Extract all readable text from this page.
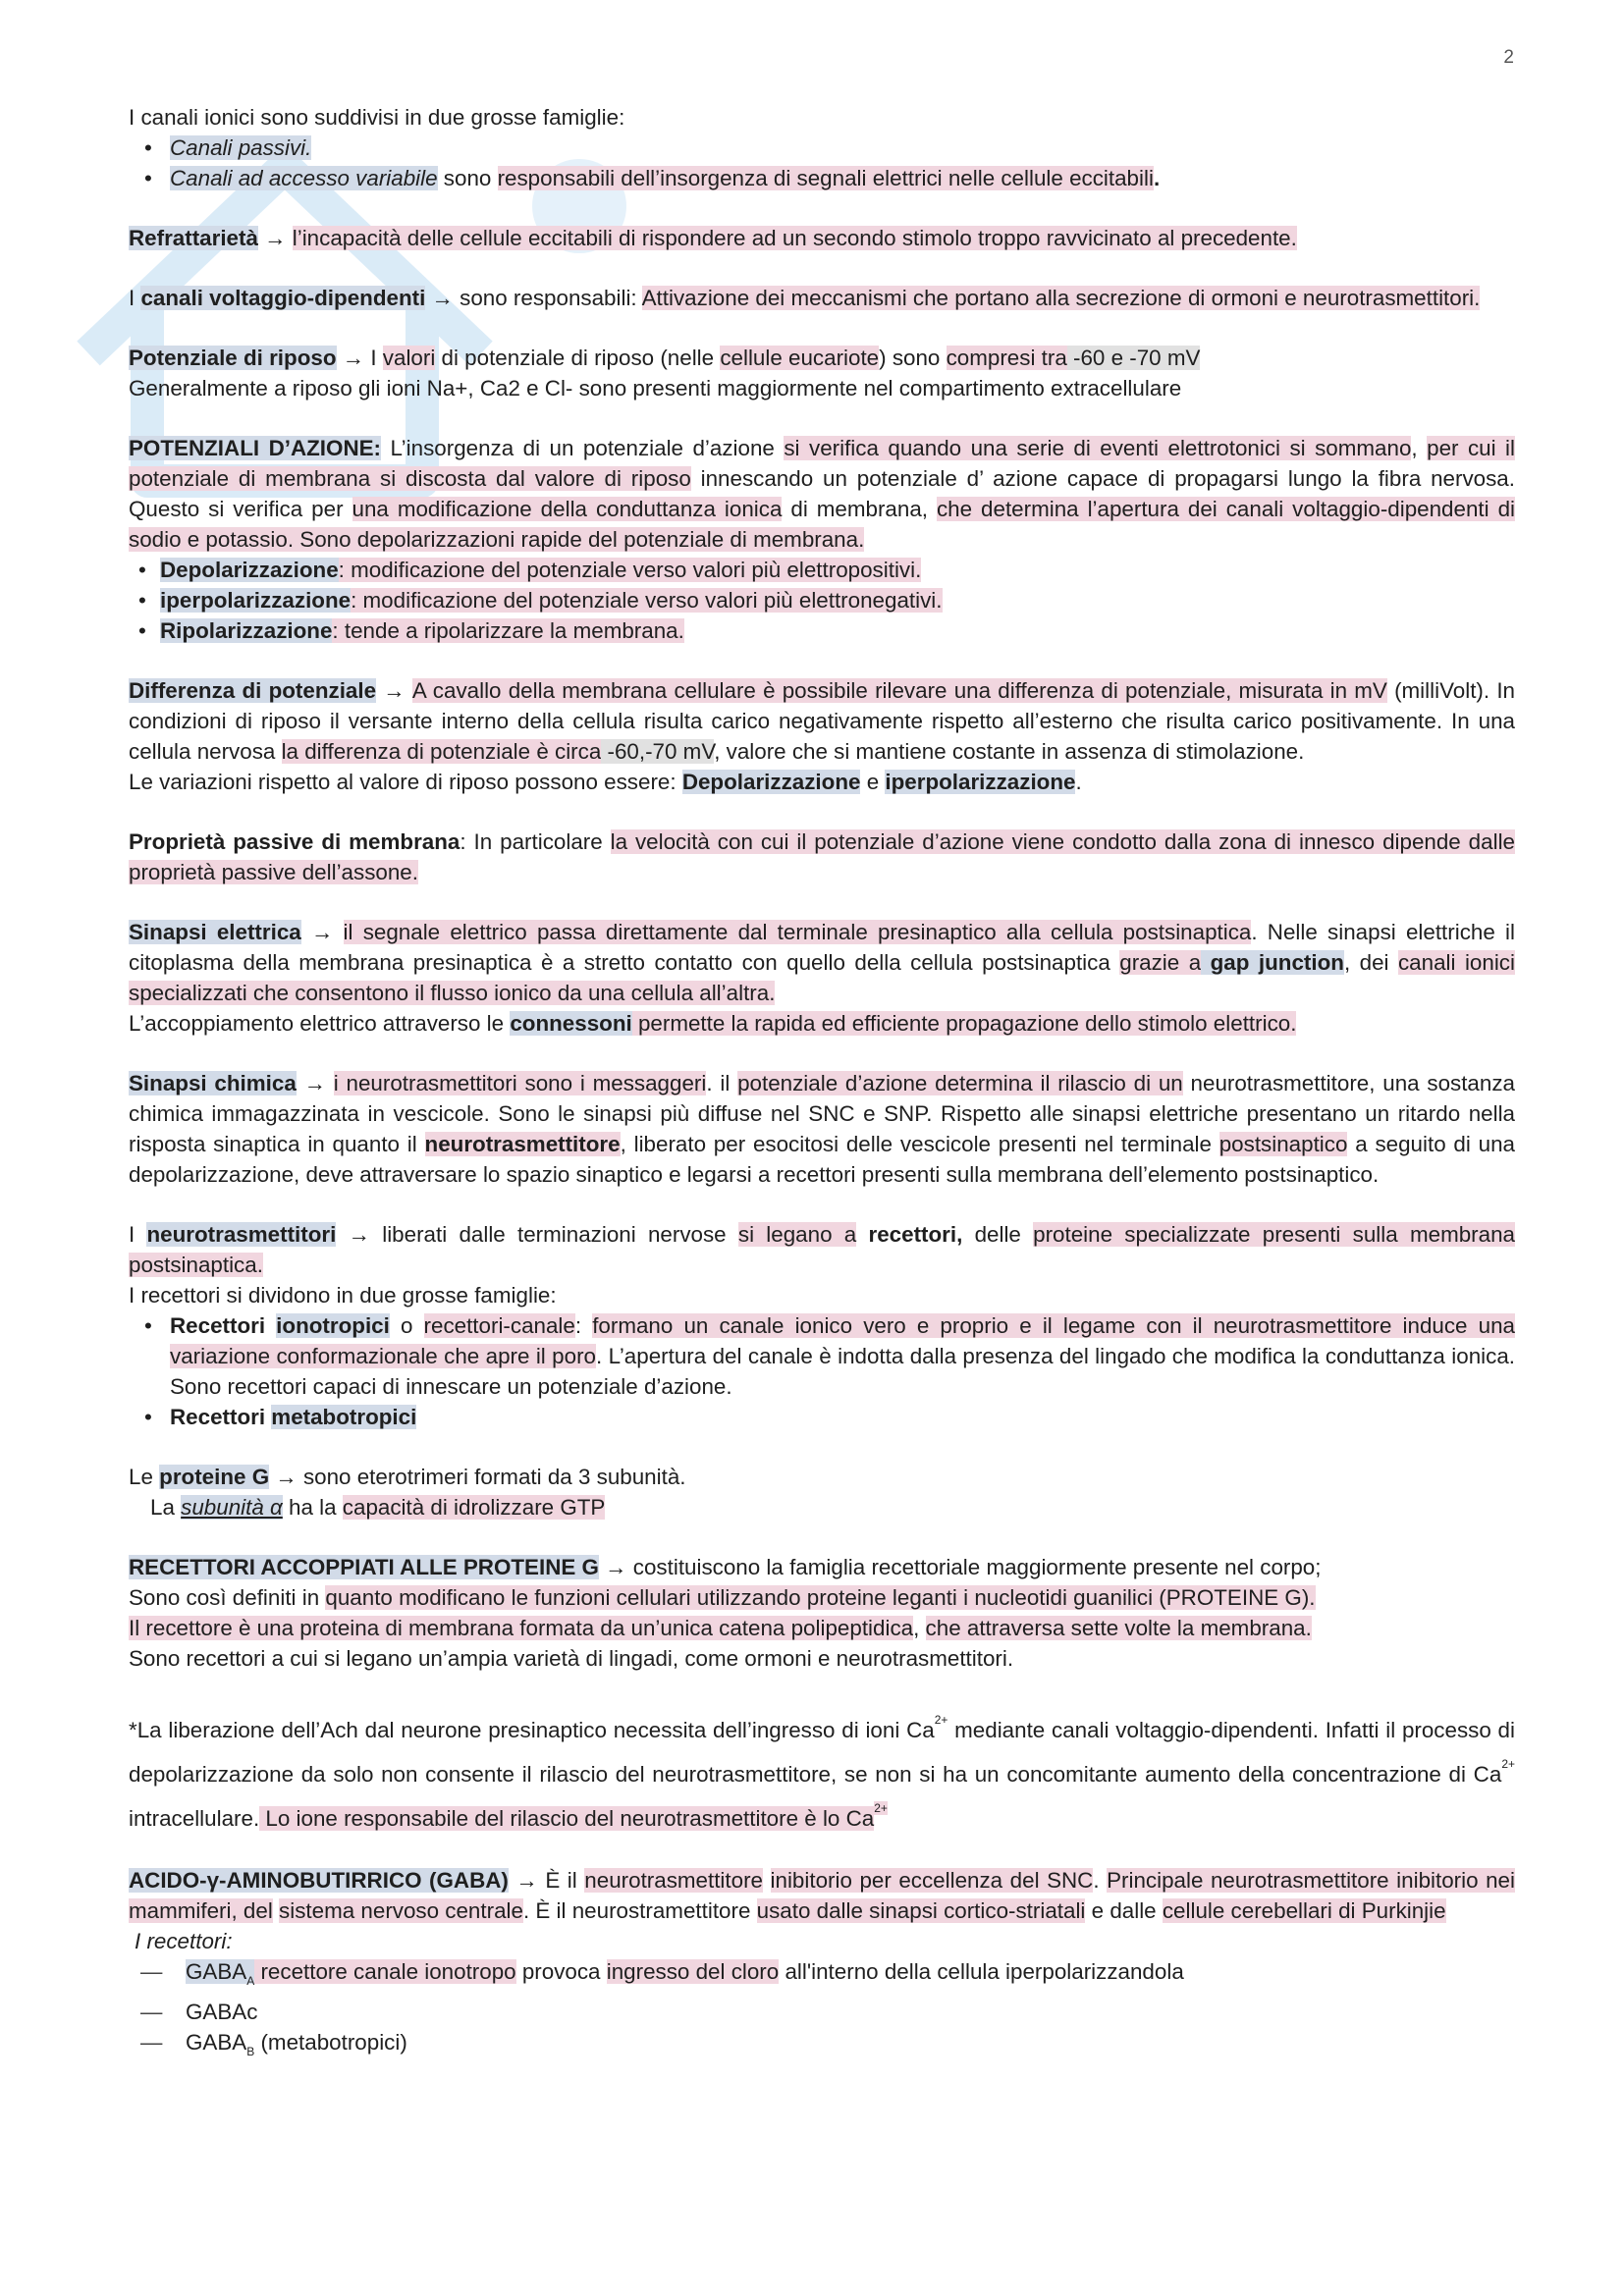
2

I canali ionici sono suddivisi in due grosse famiglie:

• Canali passivi.
• Canali ad accesso variabile sono responsabili dell’insorgenza di segnali elettrici nelle cellule eccitabili.

Refrattarietà → l’incapacità delle cellule eccitabili di rispondere ad un secondo stimolo troppo ravvicinato al precedente.

I canali voltaggio-dipendenti → sono responsabili: Attivazione dei meccanismi che portano alla secrezione di ormoni e neurotrasmettitori.

Potenziale di riposo → I valori di potenziale di riposo (nelle cellule eucariote) sono compresi tra -60 e -70 mV

Generalmente a riposo gli ioni Na+, Ca2 e Cl- sono presenti maggiormente nel compartimento extracellulare

POTENZIALI D’AZIONE: L’insorgenza di un potenziale d’azione si verifica quando una serie di eventi elettrotonici si sommano, per cui il potenziale di membrana si discosta dal valore di riposo innescando un potenziale d’ azione capace di propagarsi lungo la fibra nervosa. Questo si verifica per una modificazione della conduttanza ionica di membrana, che determina l’apertura dei canali voltaggio-dipendenti di sodio e potassio. Sono depolarizzazioni rapide del potenziale di membrana.

• Depolarizzazione: modificazione del potenziale verso valori più elettropositivi.
• iperpolarizzazione: modificazione del potenziale verso valori più elettronegativi.
• Ripolarizzazione: tende a ripolarizzare la membrana.

Differenza di potenziale → A cavallo della membrana cellulare è possibile rilevare una differenza di potenziale, misurata in mV (milliVolt). In condizioni di riposo il versante interno della cellula risulta carico negativamente rispetto all’esterno che risulta carico positivamente. In una cellula nervosa la differenza di potenziale è circa -60,-70 mV, valore che si mantiene costante in assenza di stimolazione.

Le variazioni rispetto al valore di riposo possono essere: Depolarizzazione e iperpolarizzazione.

Proprietà passive di membrana: In particolare la velocità con cui il potenziale d’azione viene condotto dalla zona di innesco dipende dalle proprietà passive dell’assone.

Sinapsi elettrica → il segnale elettrico passa direttamente dal terminale presinaptico alla cellula postsinaptica. Nelle sinapsi elettriche il citoplasma della membrana presinaptica è a stretto contatto con quello della cellula postsinaptica grazie a gap junction, dei canali ionici specializzati che consentono il flusso ionico da una cellula all’altra.

L’accoppiamento elettrico attraverso le connessoni permette la rapida ed efficiente propagazione dello stimolo elettrico.

Sinapsi chimica → i neurotrasmettitori sono i messaggeri. il potenziale d’azione determina il rilascio di un neurotrasmettitore, una sostanza chimica immagazzinata in vescicole. Sono le sinapsi più diffuse nel SNC e SNP. Rispetto alle sinapsi elettriche presentano un ritardo nella risposta sinaptica in quanto il neurotrasmettitore, liberato per esocitosi delle vescicole presenti nel terminale postsinaptico a seguito di una depolarizzazione, deve attraversare lo spazio sinaptico e legarsi a recettori presenti sulla membrana dell’elemento postsinaptico.

I neurotrasmettitori → liberati dalle terminazioni nervose si legano a recettori, delle proteine specializzate presenti sulla membrana postsinaptica.

I recettori si dividono in due grosse famiglie:

• Recettori ionotropici o recettori-canale: formano un canale ionico vero e proprio e il legame con il neurotrasmettitore induce una variazione conformazionale che apre il poro. L’apertura del canale è indotta dalla presenza del lingado che modifica la conduttanza ionica. Sono recettori capaci di innescare un potenziale d’azione.
• Recettori metabotropici

Le proteine G → sono eterotrimeri formati da 3 subunità.

La subunità α ha la capacità di idrolizzare GTP

RECETTORI ACCOPPIATI ALLE PROTEINE G → costituiscono la famiglia recettoriale maggiormente presente nel corpo;

Sono così definiti in quanto modificano le funzioni cellulari utilizzando proteine leganti i nucleotidi guanilici (PROTEINE G).

Il recettore è una proteina di membrana formata da un’unica catena polipeptidica, che attraversa sette volte la membrana.

Sono recettori a cui si legano un’ampia varietà di lingadi, come ormoni e neurotrasmettitori.

*La liberazione dell’Ach dal neurone presinaptico necessita dell’ingresso di ioni $Ca^{2+}$ mediante canali voltaggio-dipendenti. Infatti il processo di depolarizzazione da solo non consente il rilascio del neurotrasmettitore, se non si ha un concomitante aumento della concentrazione di $Ca^{2+}$ intracellulare. Lo ione responsabile del rilascio del neurotrasmettitore è lo $Ca^{2+}$

ACIDO-γ-AMINOBUTIRRICO (GABA) → È il neurotrasmettitore inibitorio per eccellenza del SNC. Principale neurotrasmettitore inibitorio nei mammiferi, del sistema nervoso centrale. È il neurostramettitore usato dalle sinapsi cortico-striatali e dalle cellule cerebellari di Purkinjie

I recettori:

— $GABA_A$ recettore canale ionotropo provoca ingresso del cloro all'interno della cellula iperpolarizzandola
— GABAc
— $GABA_B$ (metabotropici)
